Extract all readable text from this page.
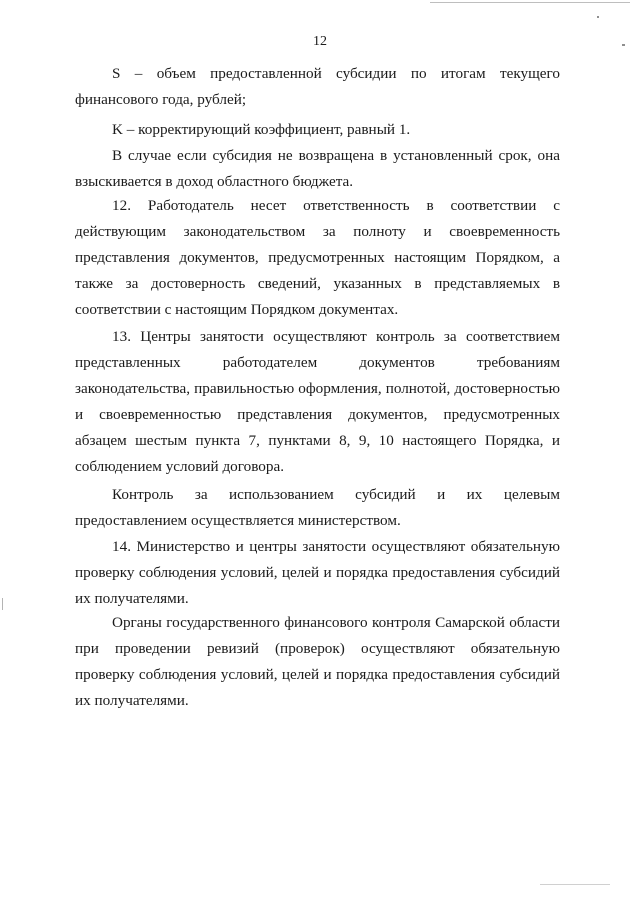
12

S – объем предоставленной субсидии по итогам текущего финансового года, рублей;

K – корректирующий коэффициент, равный 1.

В случае если субсидия не возвращена в установленный срок, она взыскивается в доход областного бюджета.

12. Работодатель несет ответственность в соответствии с действующим законодательством за полноту и своевременность представления документов, предусмотренных настоящим Порядком, а также за достоверность сведений, указанных в представляемых в соответствии с настоящим Порядком документах.

13. Центры занятости осуществляют контроль за соответствием представленных работодателем документов требованиям законодательства, правильностью оформления, полнотой, достоверностью и своевременностью представления документов, предусмотренных абзацем шестым пункта 7, пунктами 8, 9, 10 настоящего Порядка, и соблюдением условий договора.

Контроль за использованием субсидий и их целевым предоставлением осуществляется министерством.

14. Министерство и центры занятости осуществляют обязательную проверку соблюдения условий, целей и порядка предоставления субсидий их получателями.

Органы государственного финансового контроля Самарской области при проведении ревизий (проверок) осуществляют обязательную проверку соблюдения условий, целей и порядка предоставления субсидий их получателями.
